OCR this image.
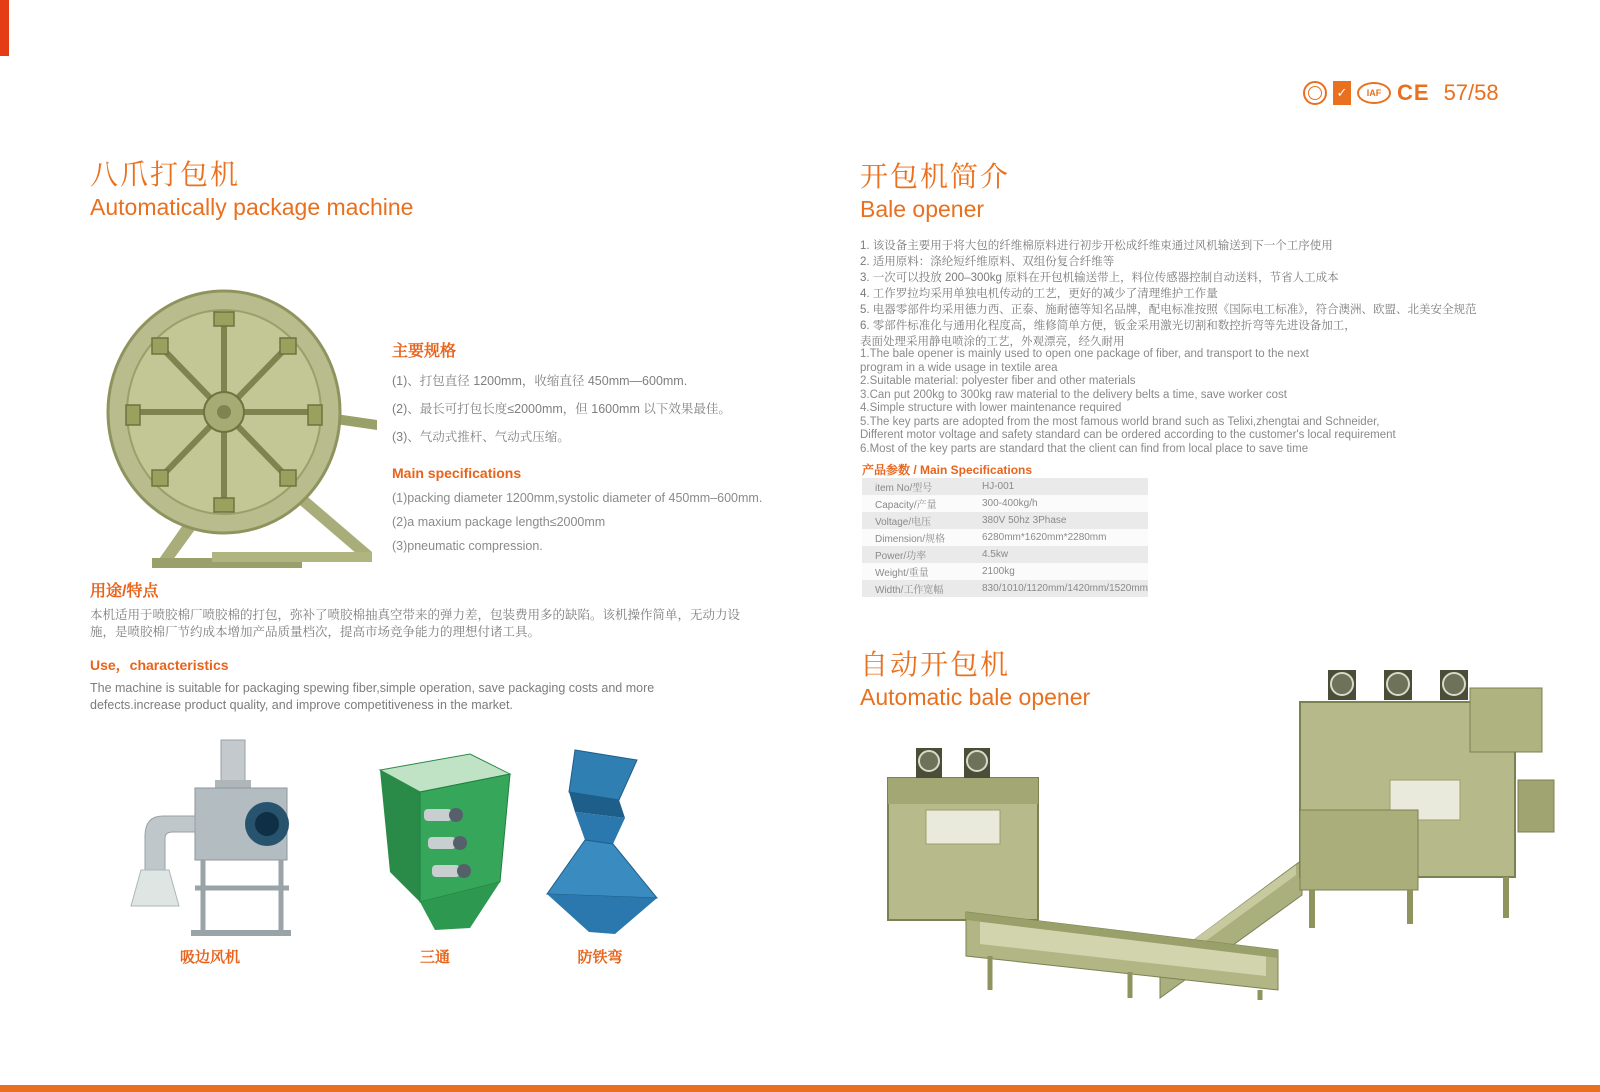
✓	IAF CE 57/58
八爪打包机
Automatically package machine
主要规格
(1)、打包直径 1200mm，收缩直径 450mm—600mm.
(2)、最长可打包长度≤2000mm，但 1600mm 以下效果最佳。
(3)、气动式推杆、气动式压缩。
Main specifications
(1)packing diameter 1200mm,systolic diameter of 450mm–600mm.
(2)a maxium package length≤2000mm
(3)pneumatic compression.
用途/特点
本机适用于喷胶棉厂喷胶棉的打包，弥补了喷胶棉抽真空带来的弹力差，包装费用多的缺陷。该机操作简单，无动力设施，是喷胶棉厂节约成本增加产品质量档次，提高市场竞争能力的理想付诸工具。
Use，characteristics
The machine is suitable for packaging spewing fiber,simple operation, save packaging costs and more defects.increase product quality, and improve competitiveness in the market.
吸边风机	三通	防铁弯
开包机简介
Bale opener
1. 该设备主要用于将大包的纤维棉原料进行初步开松成纤维束通过风机输送到下一个工序使用
2. 适用原料：涤纶短纤维原料、双组份复合纤维等
3. 一次可以投放 200–300kg 原料在开包机输送带上，料位传感器控制自动送料，节省人工成本
4. 工作罗拉均采用单独电机传动的工艺，更好的减少了清理维护工作量
5. 电器零部件均采用德力西、正泰、施耐德等知名品牌，配电标准按照《国际电工标准》，符合澳洲、欧盟、北美安全规范
6. 零部件标准化与通用化程度高，维修简单方便，钣金采用激光切割和数控折弯等先进设备加工，
表面处理采用静电喷涂的工艺，外观漂亮，经久耐用
1.The bale opener is mainly used to open one package of fiber, and transport to the next
program in a wide usage in textile area
2.Suitable material: polyester fiber and other materials
3.Can put 200kg to 300kg raw material to the delivery belts a time, save worker cost
4.Simple structure with lower maintenance required
5.The key parts are adopted from the most famous world brand such as Telixi,zhengtai and Schneider,
Different motor voltage and safety standard can be ordered according to the customer's local requirement
6.Most of the key parts are standard that the client can find from local place to save time
产品参数 / Main Specifications
item No/型号	HJ-001
Capacity/产量	300-400kg/h
Voltage/电压	380V 50hz 3Phase
Dimension/规格	6280mm*1620mm*2280mm
Power/功率	4.5kw
Weight/重量	2100kg
Width/工作宽幅	830/1010/1120mm/1420mm/1520mm
自动开包机
Automatic bale opener
